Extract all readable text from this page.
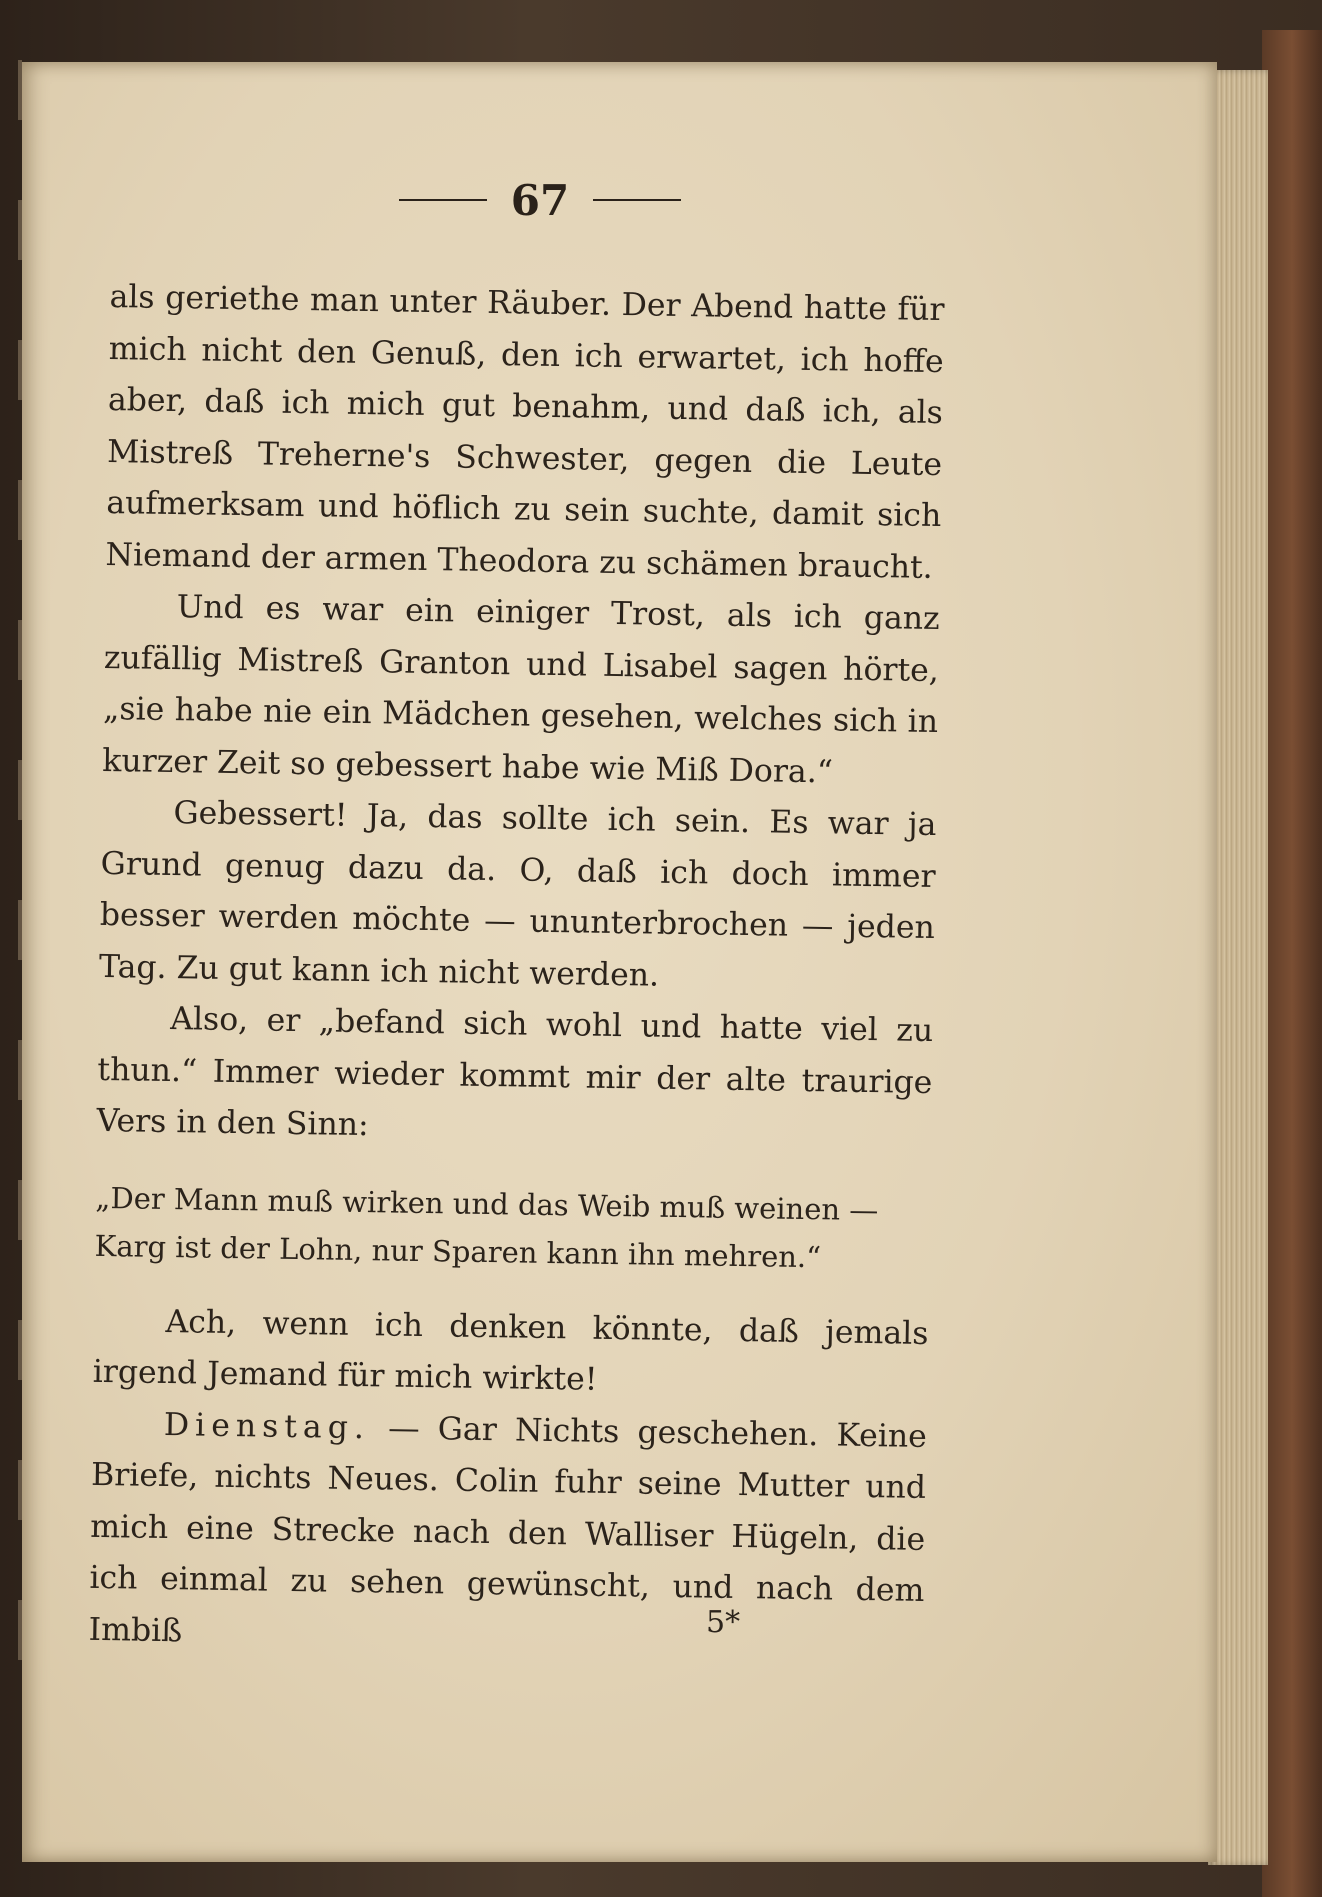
67

als geriethe man unter Räuber. Der Abend hatte für mich nicht den Genuß, den ich erwartet, ich hoffe aber, daß ich mich gut benahm, und daß ich, als Mistreß Treherne's Schwester, gegen die Leute aufmerksam und höflich zu sein suchte, damit sich Niemand der armen Theodora zu schämen braucht.

Und es war ein einiger Trost, als ich ganz zufällig Mistreß Granton und Lisabel sagen hörte, „sie habe nie ein Mädchen gesehen, welches sich in kurzer Zeit so gebessert habe wie Miß Dora.“

Gebessert! Ja, das sollte ich sein. Es war ja Grund genug dazu da. O, daß ich doch immer besser werden möchte — ununterbrochen — jeden Tag. Zu gut kann ich nicht werden.

Also, er „befand sich wohl und hatte viel zu thun.“ Immer wieder kommt mir der alte traurige Vers in den Sinn:

„Der Mann muß wirken und das Weib muß weinen —
Karg ist der Lohn, nur Sparen kann ihn mehren.“

Ach, wenn ich denken könnte, daß jemals irgend Jemand für mich wirkte!

Dienstag. — Gar Nichts geschehen. Keine Briefe, nichts Neues. Colin fuhr seine Mutter und mich eine Strecke nach den Walliser Hügeln, die ich einmal zu sehen gewünscht, und nach dem Imbiß	5*
